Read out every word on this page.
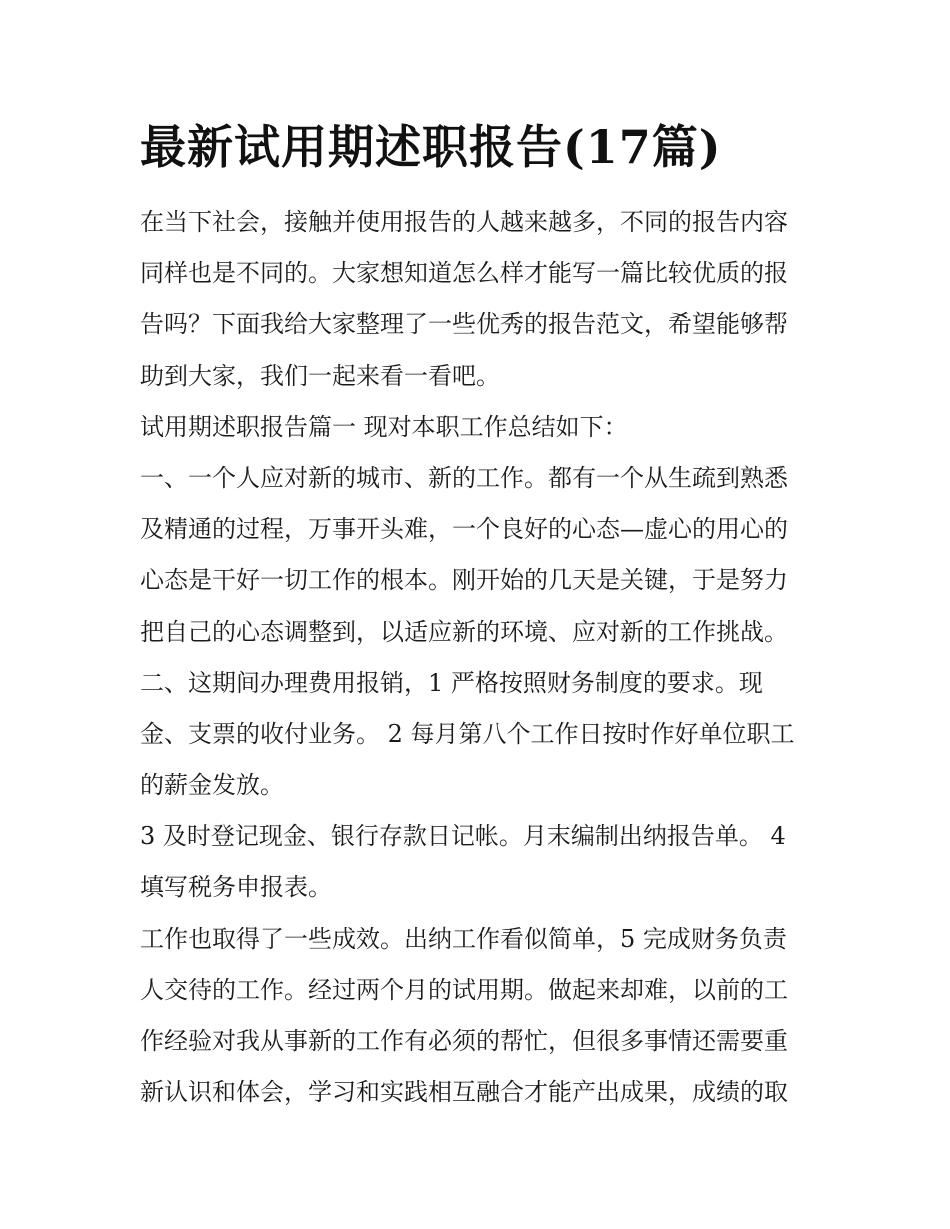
最新试用期述职报告(17篇)
在当下社会，接触并使用报告的人越来越多，不同的报告内容
同样也是不同的。大家想知道怎么样才能写一篇比较优质的报
告吗？下面我给大家整理了一些优秀的报告范文，希望能够帮
助到大家，我们一起来看一看吧。
试用期述职报告篇一 现对本职工作总结如下：
一、一个人应对新的城市、新的工作。都有一个从生疏到熟悉
及精通的过程，万事开头难，一个良好的心态—虚心的用心的
心态是干好一切工作的根本。刚开始的几天是关键，于是努力
把自己的心态调整到，以适应新的环境、应对新的工作挑战。
二、这期间办理费用报销，1 严格按照财务制度的要求。现
金、支票的收付业务。 2 每月第八个工作日按时作好单位职工
的薪金发放。
3 及时登记现金、银行存款日记帐。月末编制出纳报告单。 4
填写税务申报表。
工作也取得了一些成效。出纳工作看似简单，5 完成财务负责
人交待的工作。经过两个月的试用期。做起来却难，以前的工
作经验对我从事新的工作有必须的帮忙，但很多事情还需要重
新认识和体会，学习和实践相互融合才能产出成果，成绩的取
